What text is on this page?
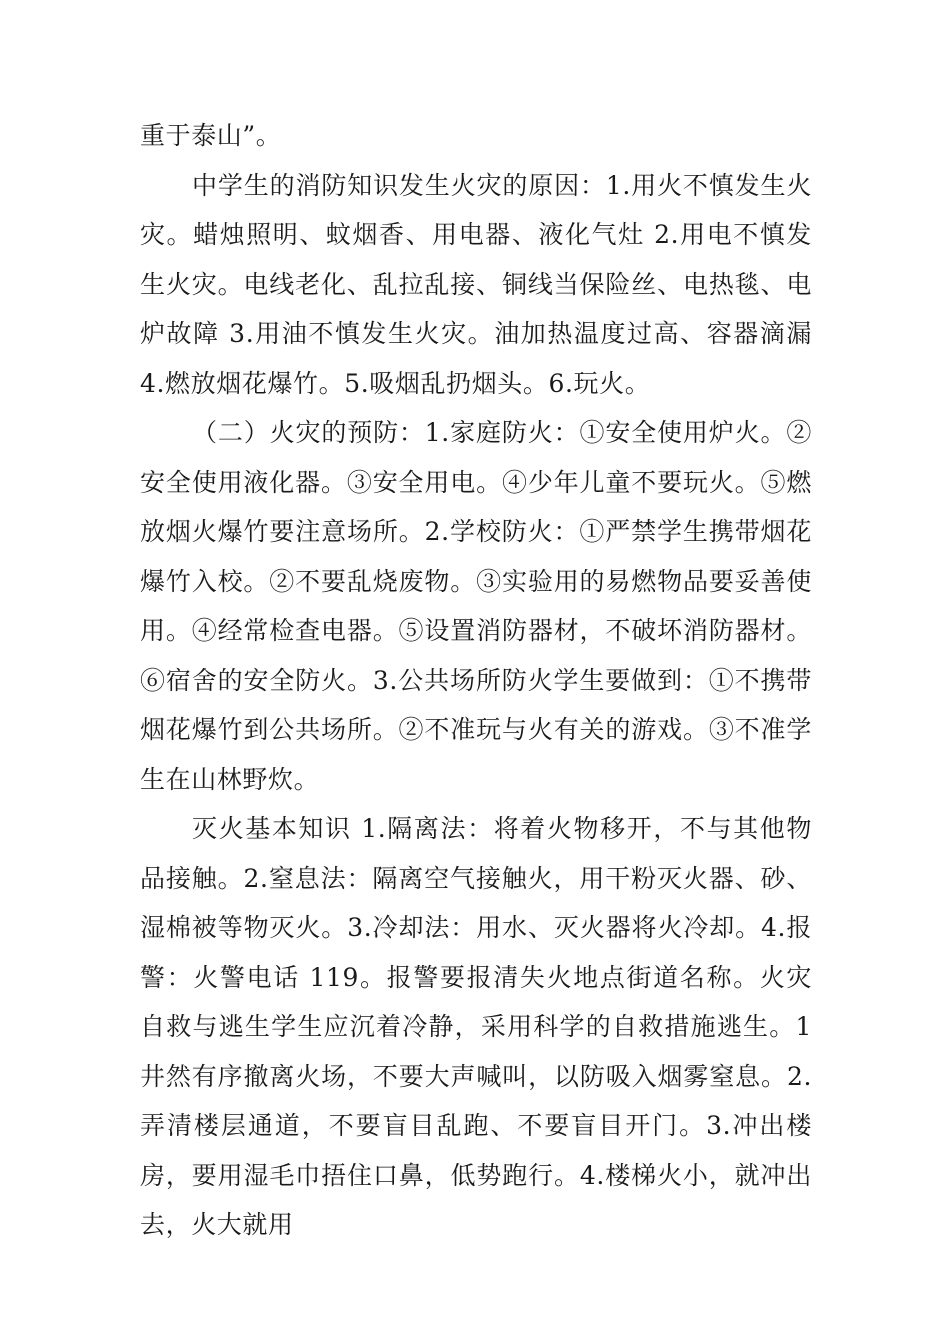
重于泰山”。

中学生的消防知识发生火灾的原因：1.用火不慎发生火灾。蜡烛照明、蚊烟香、用电器、液化气灶 2.用电不慎发生火灾。电线老化、乱拉乱接、铜线当保险丝、电热毯、电炉故障 3.用油不慎发生火灾。油加热温度过高、容器滴漏 4.燃放烟花爆竹。5.吸烟乱扔烟头。6.玩火。

（二）火灾的预防：1.家庭防火：①安全使用炉火。② 安全使用液化器。③安全用电。④少年儿童不要玩火。⑤燃放烟火爆竹要注意场所。2.学校防火：①严禁学生携带烟花爆竹入校。②不要乱烧废物。③实验用的易燃物品要妥善使用。④经常检查电器。⑤设置消防器材，不破坏消防器材。⑥宿舍的安全防火。3.公共场所防火学生要做到：①不携带烟花爆竹到公共场所。②不准玩与火有关的游戏。③不准学生在山林野炊。

灭火基本知识 1.隔离法：将着火物移开，不与其他物品接触。2.窒息法：隔离空气接触火，用干粉灭火器、砂、湿棉被等物灭火。3.冷却法：用水、灭火器将火冷却。4.报警：火警电话 119。报警要报清失火地点街道名称。火灾自救与逃生学生应沉着冷静，采用科学的自救措施逃生。1 井然有序撤离火场，不要大声喊叫，以防吸入烟雾窒息。2.弄清楼层通道，不要盲目乱跑、不要盲目开门。3.冲出楼房，要用湿毛巾捂住口鼻，低势跑行。4.楼梯火小，就冲出去，火大就用
